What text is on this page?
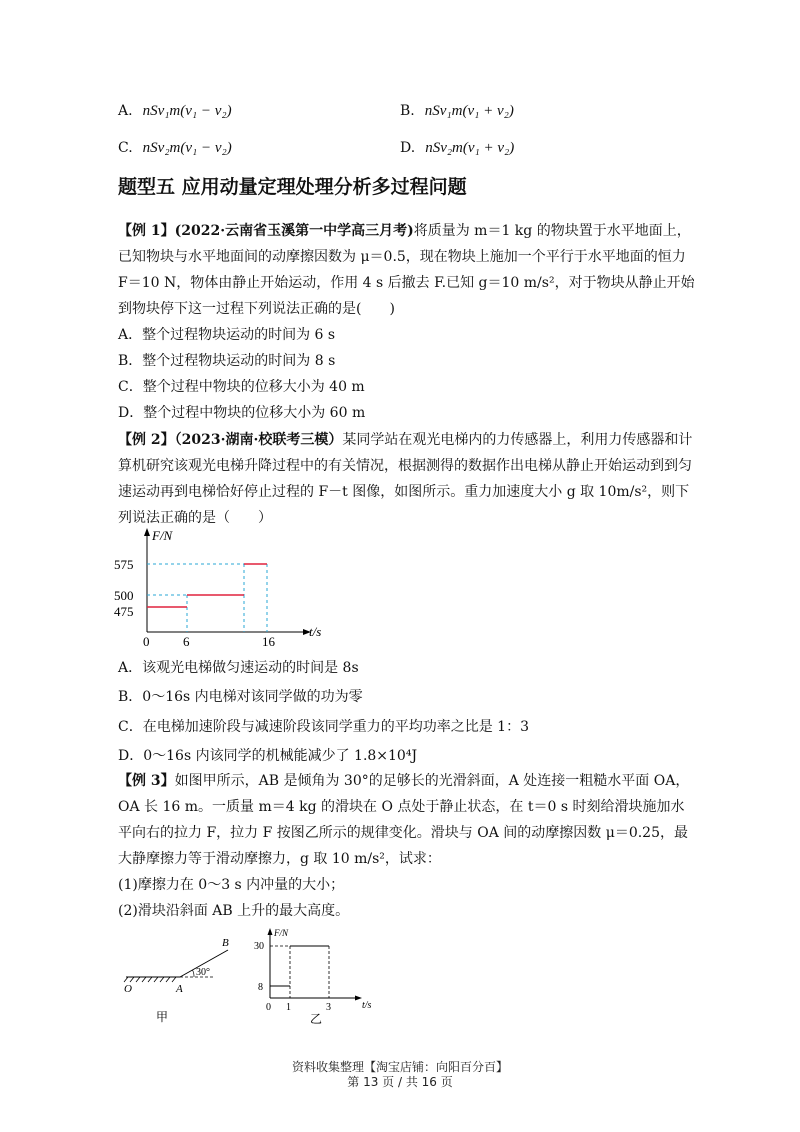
A. nSv₁m(v₁ − v₂)	B. nSv₁m(v₁ + v₂)
C. nSv₂m(v₁ − v₂)	D. nSv₂m(v₁ + v₂)
题型五 应用动量定理处理分析多过程问题
【例 1】(2022·云南省玉溪第一中学高三月考)将质量为 m＝1 kg 的物块置于水平地面上，已知物块与水平地面间的动摩擦因数为 μ＝0.5，现在物块上施加一个平行于水平地面的恒力 F＝10 N，物体由静止开始运动，作用 4 s 后撤去 F.已知 g＝10 m/s²，对于物块从静止开始到物块停下这一过程下列说法正确的是(　　)
A．整个过程物块运动的时间为 6 s
B．整个过程物块运动的时间为 8 s
C．整个过程中物块的位移大小为 40 m
D．整个过程中物块的位移大小为 60 m
【例 2】（2023·湖南·校联考三模）某同学站在观光电梯内的力传感器上，利用力传感器和计算机研究该观光电梯升降过程中的有关情况，根据测得的数据作出电梯从静止开始运动到到匀速运动再到电梯恰好停止过程的 F－t 图像，如图所示。重力加速度大小 g 取 10m/s²，则下列说法正确的是（　　）
F/N
t/s
0	6	16
475
500
575
A．该观光电梯做匀速运动的时间是 8s
B．0～16s 内电梯对该同学做的功为零
C．在电梯加速阶段与减速阶段该同学重力的平均功率之比是 1：3
D．0～16s 内该同学的机械能减少了 1.8×10⁴J
【例 3】如图甲所示，AB 是倾角为 30°的足够长的光滑斜面，A 处连接一粗糙水平面 OA，OA 长 16 m。一质量 m＝4 kg 的滑块在 O 点处于静止状态，在 t＝0 s 时刻给滑块施加水平向右的拉力 F，拉力 F 按图乙所示的规律变化。滑块与 OA 间的动摩擦因数 μ＝0.25，最大静摩擦力等于滑动摩擦力，g 取 10 m/s²，试求：
(1)摩擦力在 0～3 s 内冲量的大小；
(2)滑块沿斜面 AB 上升的最大高度。
30°
B
O	A
甲
F/N
t/s
30
8
0 1	3
乙
资料收集整理【淘宝店铺：向阳百分百】
第 13 页 / 共 16 页
